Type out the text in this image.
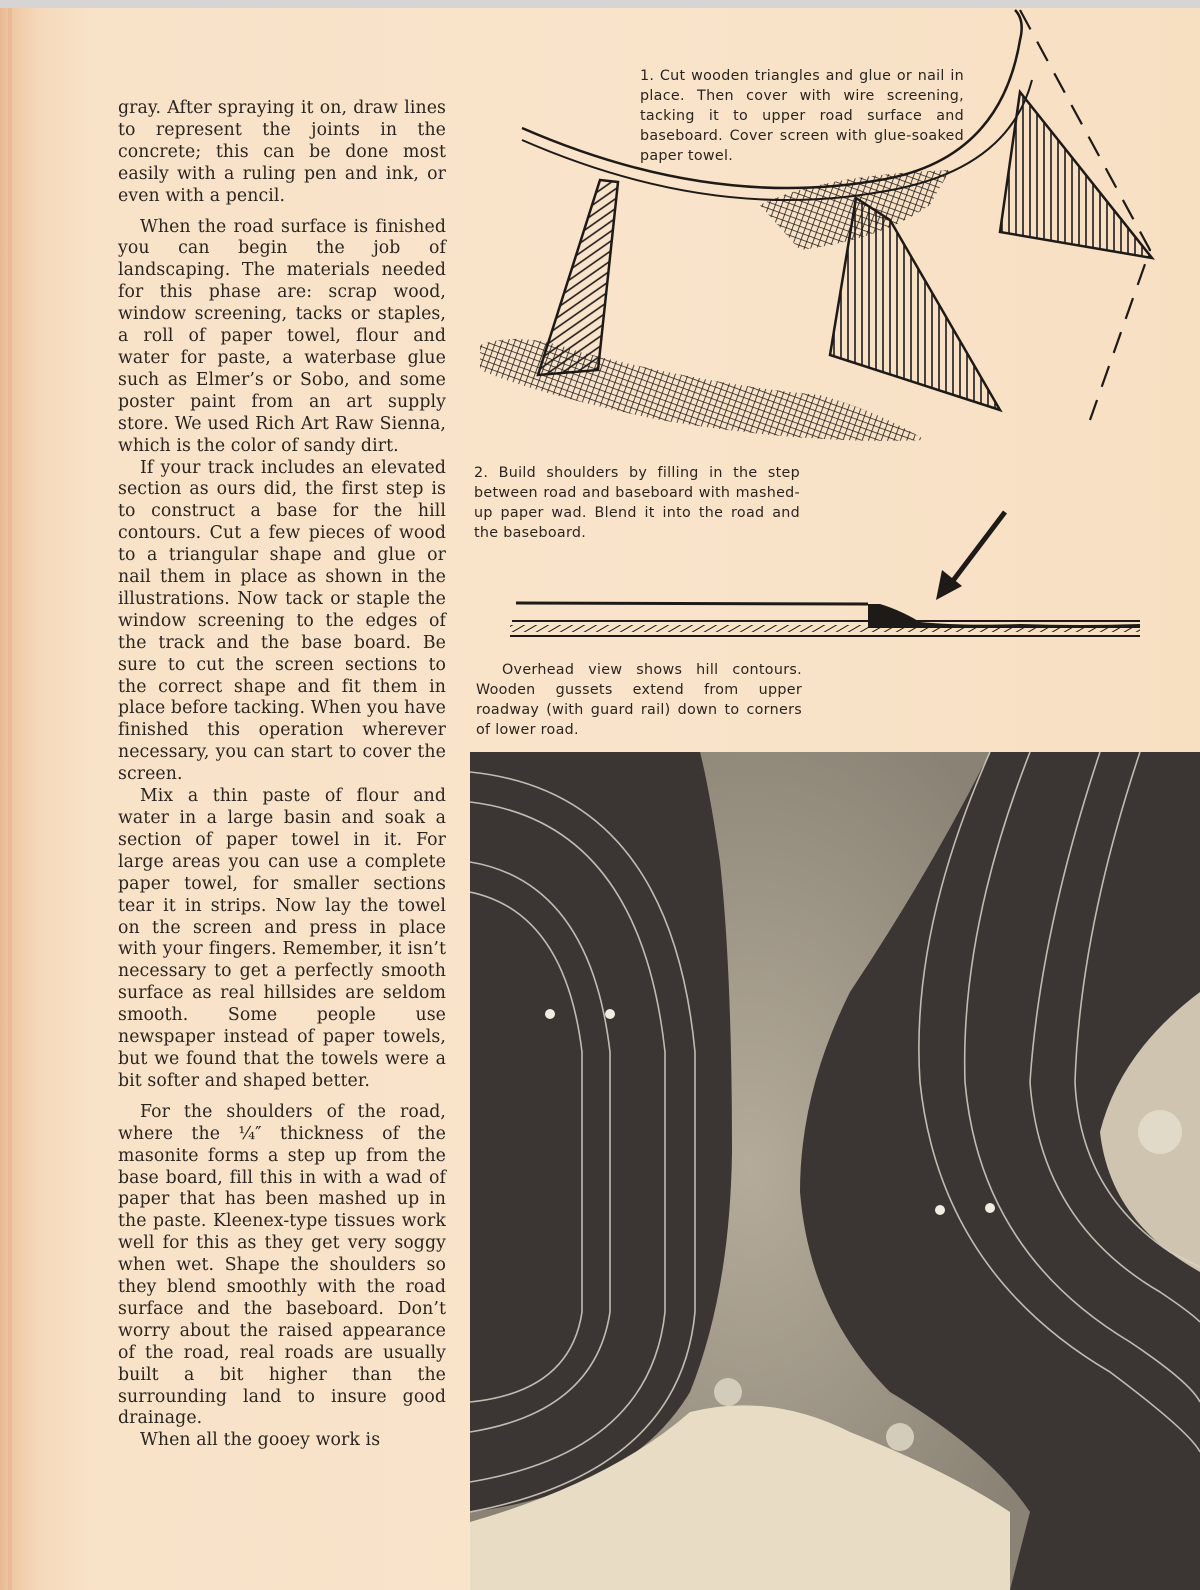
gray. After spraying it on, draw lines to represent the joints in the concrete; this can be done most easily with a ruling pen and ink, or even with a pencil.

When the road surface is finished you can begin the job of landscaping. The materials needed for this phase are: scrap wood, window screening, tacks or staples, a roll of paper towel, flour and water for paste, a waterbase glue such as Elmer’s or Sobo, and some poster paint from an art supply store. We used Rich Art Raw Sienna, which is the color of sandy dirt.

If your track includes an elevated section as ours did, the first step is to construct a base for the hill contours. Cut a few pieces of wood to a triangular shape and glue or nail them in place as shown in the illustrations. Now tack or staple the window screening to the edges of the track and the base board. Be sure to cut the screen sections to the correct shape and fit them in place before tacking. When you have finished this operation wherever necessary, you can start to cover the screen.

Mix a thin paste of flour and water in a large basin and soak a section of paper towel in it. For large areas you can use a complete paper towel, for smaller sections tear it in strips. Now lay the towel on the screen and press in place with your fingers. Remember, it isn’t necessary to get a perfectly smooth surface as real hillsides are seldom smooth. Some people use newspaper instead of paper towels, but we found that the towels were a bit softer and shaped better.

For the shoulders of the road, where the ¼″ thickness of the masonite forms a step up from the base board, fill this in with a wad of paper that has been mashed up in the paste. Kleenex-type tissues work well for this as they get very soggy when wet. Shape the shoulders so they blend smoothly with the road surface and the baseboard. Don’t worry about the raised appearance of the road, real roads are usually built a bit higher than the surrounding land to insure good drainage.

When all the gooey work is

1. Cut wooden triangles and glue or nail in place. Then cover with wire screening, tacking it to upper road surface and baseboard. Cover screen with glue-soaked paper towel.
2. Build shoulders by filling in the step between road and baseboard with mashed-up paper wad. Blend it into the road and the baseboard.
Overhead view shows hill contours. Wooden gussets extend from upper roadway (with guard rail) down to corners of lower road.
